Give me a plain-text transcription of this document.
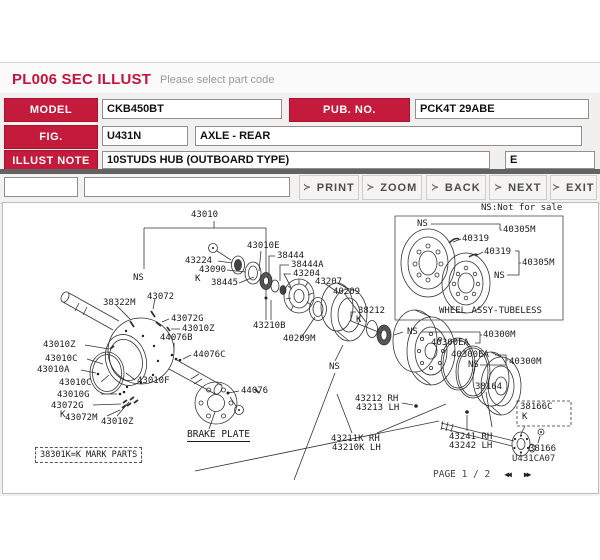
PL006 SEC ILLUST Please select part code
MODEL
CKB450BT	PUB. NO.
PCK4T 29ABE
FIG.
U431N
AXLE - REAR
ILLUST NOTE
10STUDS HUB (OUTBOARD TYPE)
E
≻ PRINT ≻ ZOOM ≻ BACK ≻ NEXT ≻ EXIT
43010
NS
43224
43090
K 38445
43010E
38444
38444A
43204
43207
40209
38322M
43072
43072G
43010Z
44076B
44076C
43010Z
43010C
43010A
43010C
43010G
43072G
K 43072M 43010Z
43010F
43210B
40209M
38212
K
44076
NS
NS	40300M
40300EA
40300EA
40300M
NS
38164
43212 RH
43213 LH
43211K RH
43210K LH
43241 RH
43242 LH
38166C
K
38166
NS
40305M
40319
40319
40305M
NS
NS:Not for sale
WHEEL ASSY-TUBELESS
BRAKE PLATE
38301K=K MARK PARTS	U431CA07
PAGE 1 / 2 ◀◀ ▶▶
